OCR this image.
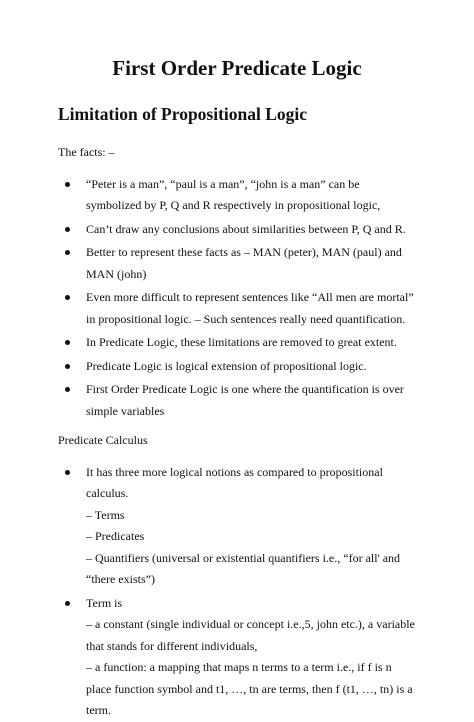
First Order Predicate Logic
Limitation of Propositional Logic

The facts: –

“Peter is a man”, “paul is a man”, “john is a man” can be symbolized by P, Q and R respectively in propositional logic,
Can’t draw any conclusions about similarities between P, Q and R.
Better to represent these facts as – MAN (peter), MAN (paul) and MAN (john)
Even more difficult to represent sentences like “All men are mortal” in propositional logic. – Such sentences really need quantification.
In Predicate Logic, these limitations are removed to great extent.
Predicate Logic is logical extension of propositional logic.
First Order Predicate Logic is one where the quantification is over simple variables

Predicate Calculus

It has three more logical notions as compared to propositional calculus.
– Terms
– Predicates
– Quantifiers (universal or existential quantifiers i.e., “for all' and “there exists”)
Term is
– a constant (single individual or concept i.e.,5, john etc.), a variable that stands for different individuals,
– a function: a mapping that maps n terms to a term i.e., if f is n place function symbol and t1, …, tn are terms, then f (t1, …, tn) is a term.
